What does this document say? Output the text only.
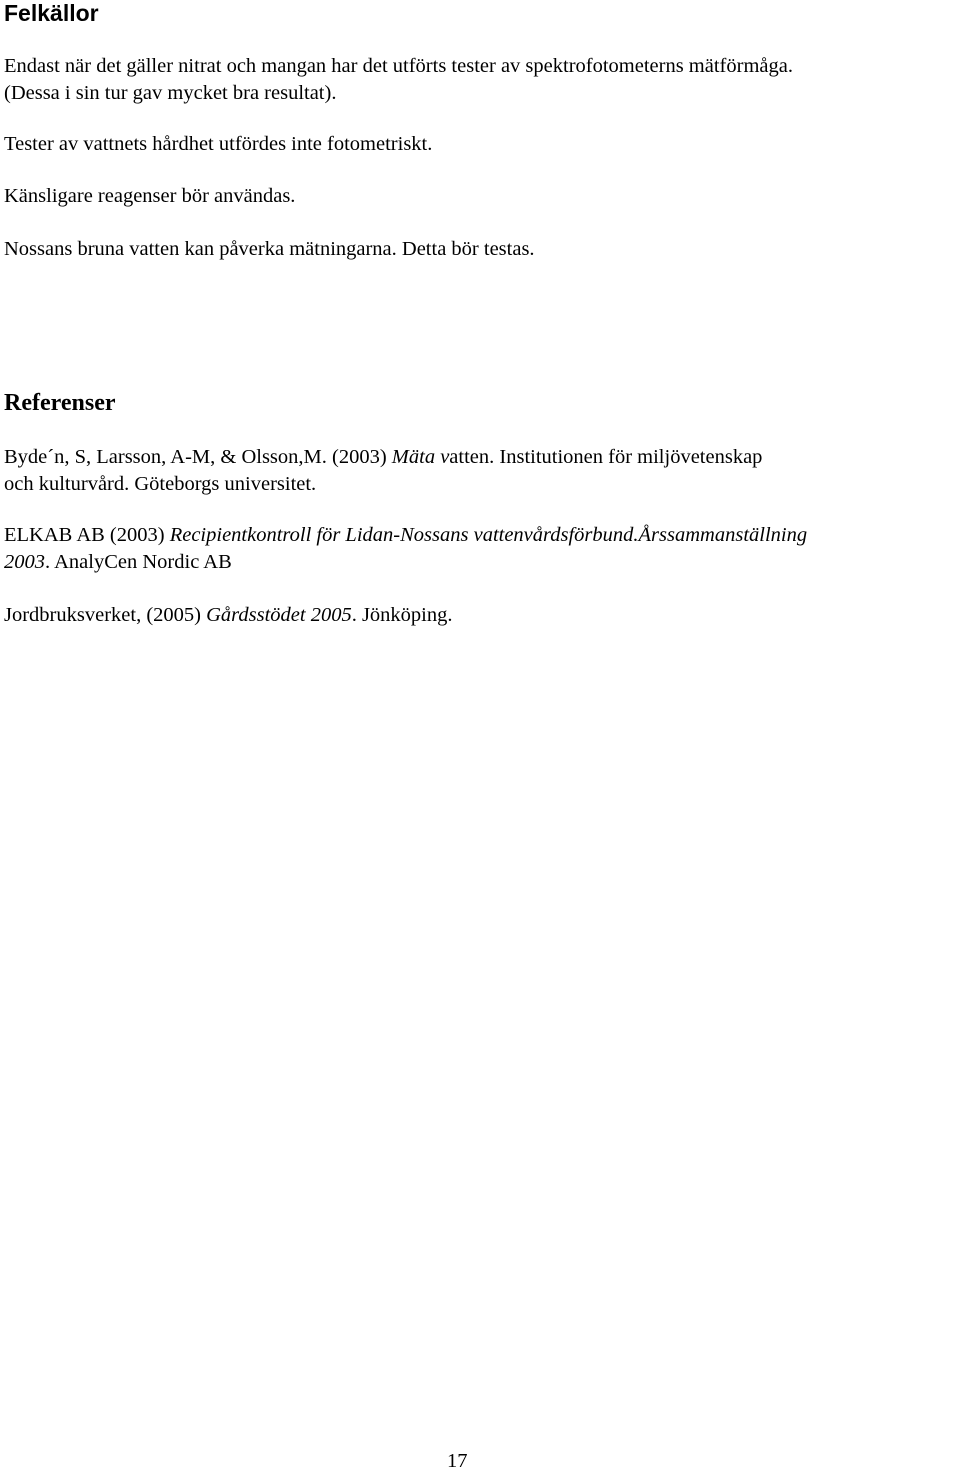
Felkällor

Endast när det gäller nitrat och mangan har det utförts tester av spektrofotometerns mätförmåga.
(Dessa i sin tur gav mycket bra resultat).

Tester av vattnets hårdhet utfördes inte fotometriskt.

Känsligare reagenser bör användas.

Nossans bruna vatten kan påverka mätningarna. Detta bör testas.

Referenser

Byde´n, S, Larsson, A-M, & Olsson,M. (2003) Mäta vatten. Institutionen för miljövetenskap
och kulturvård. Göteborgs universitet.

ELKAB AB (2003) Recipientkontroll för Lidan-Nossans vattenvårdsförbund.Årssammanställning
2003. AnalyCen Nordic AB

Jordbruksverket, (2005) Gårdsstödet 2005. Jönköping.

17
